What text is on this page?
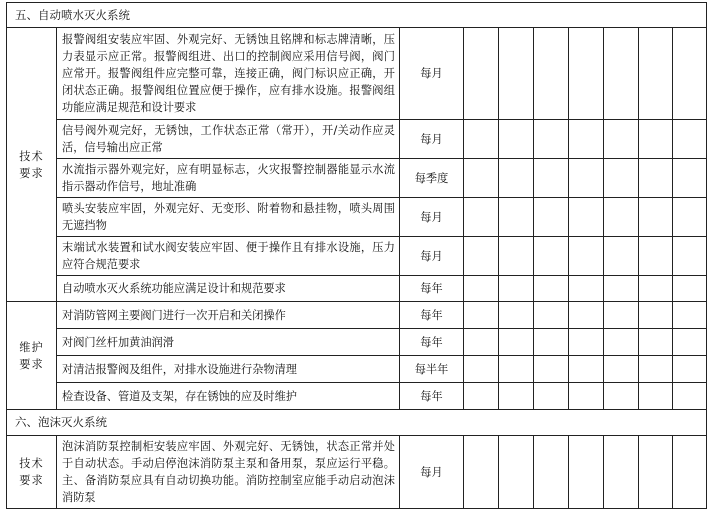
五、自动喷水灭火系统									
技术
要求	报警阀组安装应牢固、外观完好、无锈蚀且铭牌和标志牌清晰，压力表显示应正常。报警阀组进、出口的控制阀应采用信号阀，阀门应常开。报警阀组件应完整可靠，连接正确，阀门标识应正确，开闭状态正确。报警阀组位置应便于操作，应有排水设施。报警阀组功能应满足规范和设计要求	每月							
	信号阀外观完好，无锈蚀，工作状态正常（常开），开/关动作应灵活，信号输出应正常	每月							
	水流指示器外观完好，应有明显标志，火灾报警控制器能显示水流指示器动作信号，地址准确	每季度							
	喷头安装应牢固，外观完好、无变形、附着物和悬挂物，喷头周围无遮挡物	每月							
	末端试水装置和试水阀安装应牢固、便于操作且有排水设施，压力应符合规范要求	每月							
	自动喷水灭火系统功能应满足设计和规范要求	每年							
维护
要求	对消防管网主要阀门进行一次开启和关闭操作	每年							
	对阀门丝杆加黄油润滑	每年							
	对清洁报警阀及组件，对排水设施进行杂物清理	每半年							
	检查设备、管道及支架，存在锈蚀的应及时维护	每年							
六、泡沫灭火系统									
技术
要求	泡沫消防泵控制柜安装应牢固、外观完好、无锈蚀，状态正常并处于自动状态。手动启停泡沫消防泵主泵和备用泵，泵应运行平稳。主、备消防泵应具有自动切换功能。消防控制室应能手动启动泡沫消防泵	每月							
